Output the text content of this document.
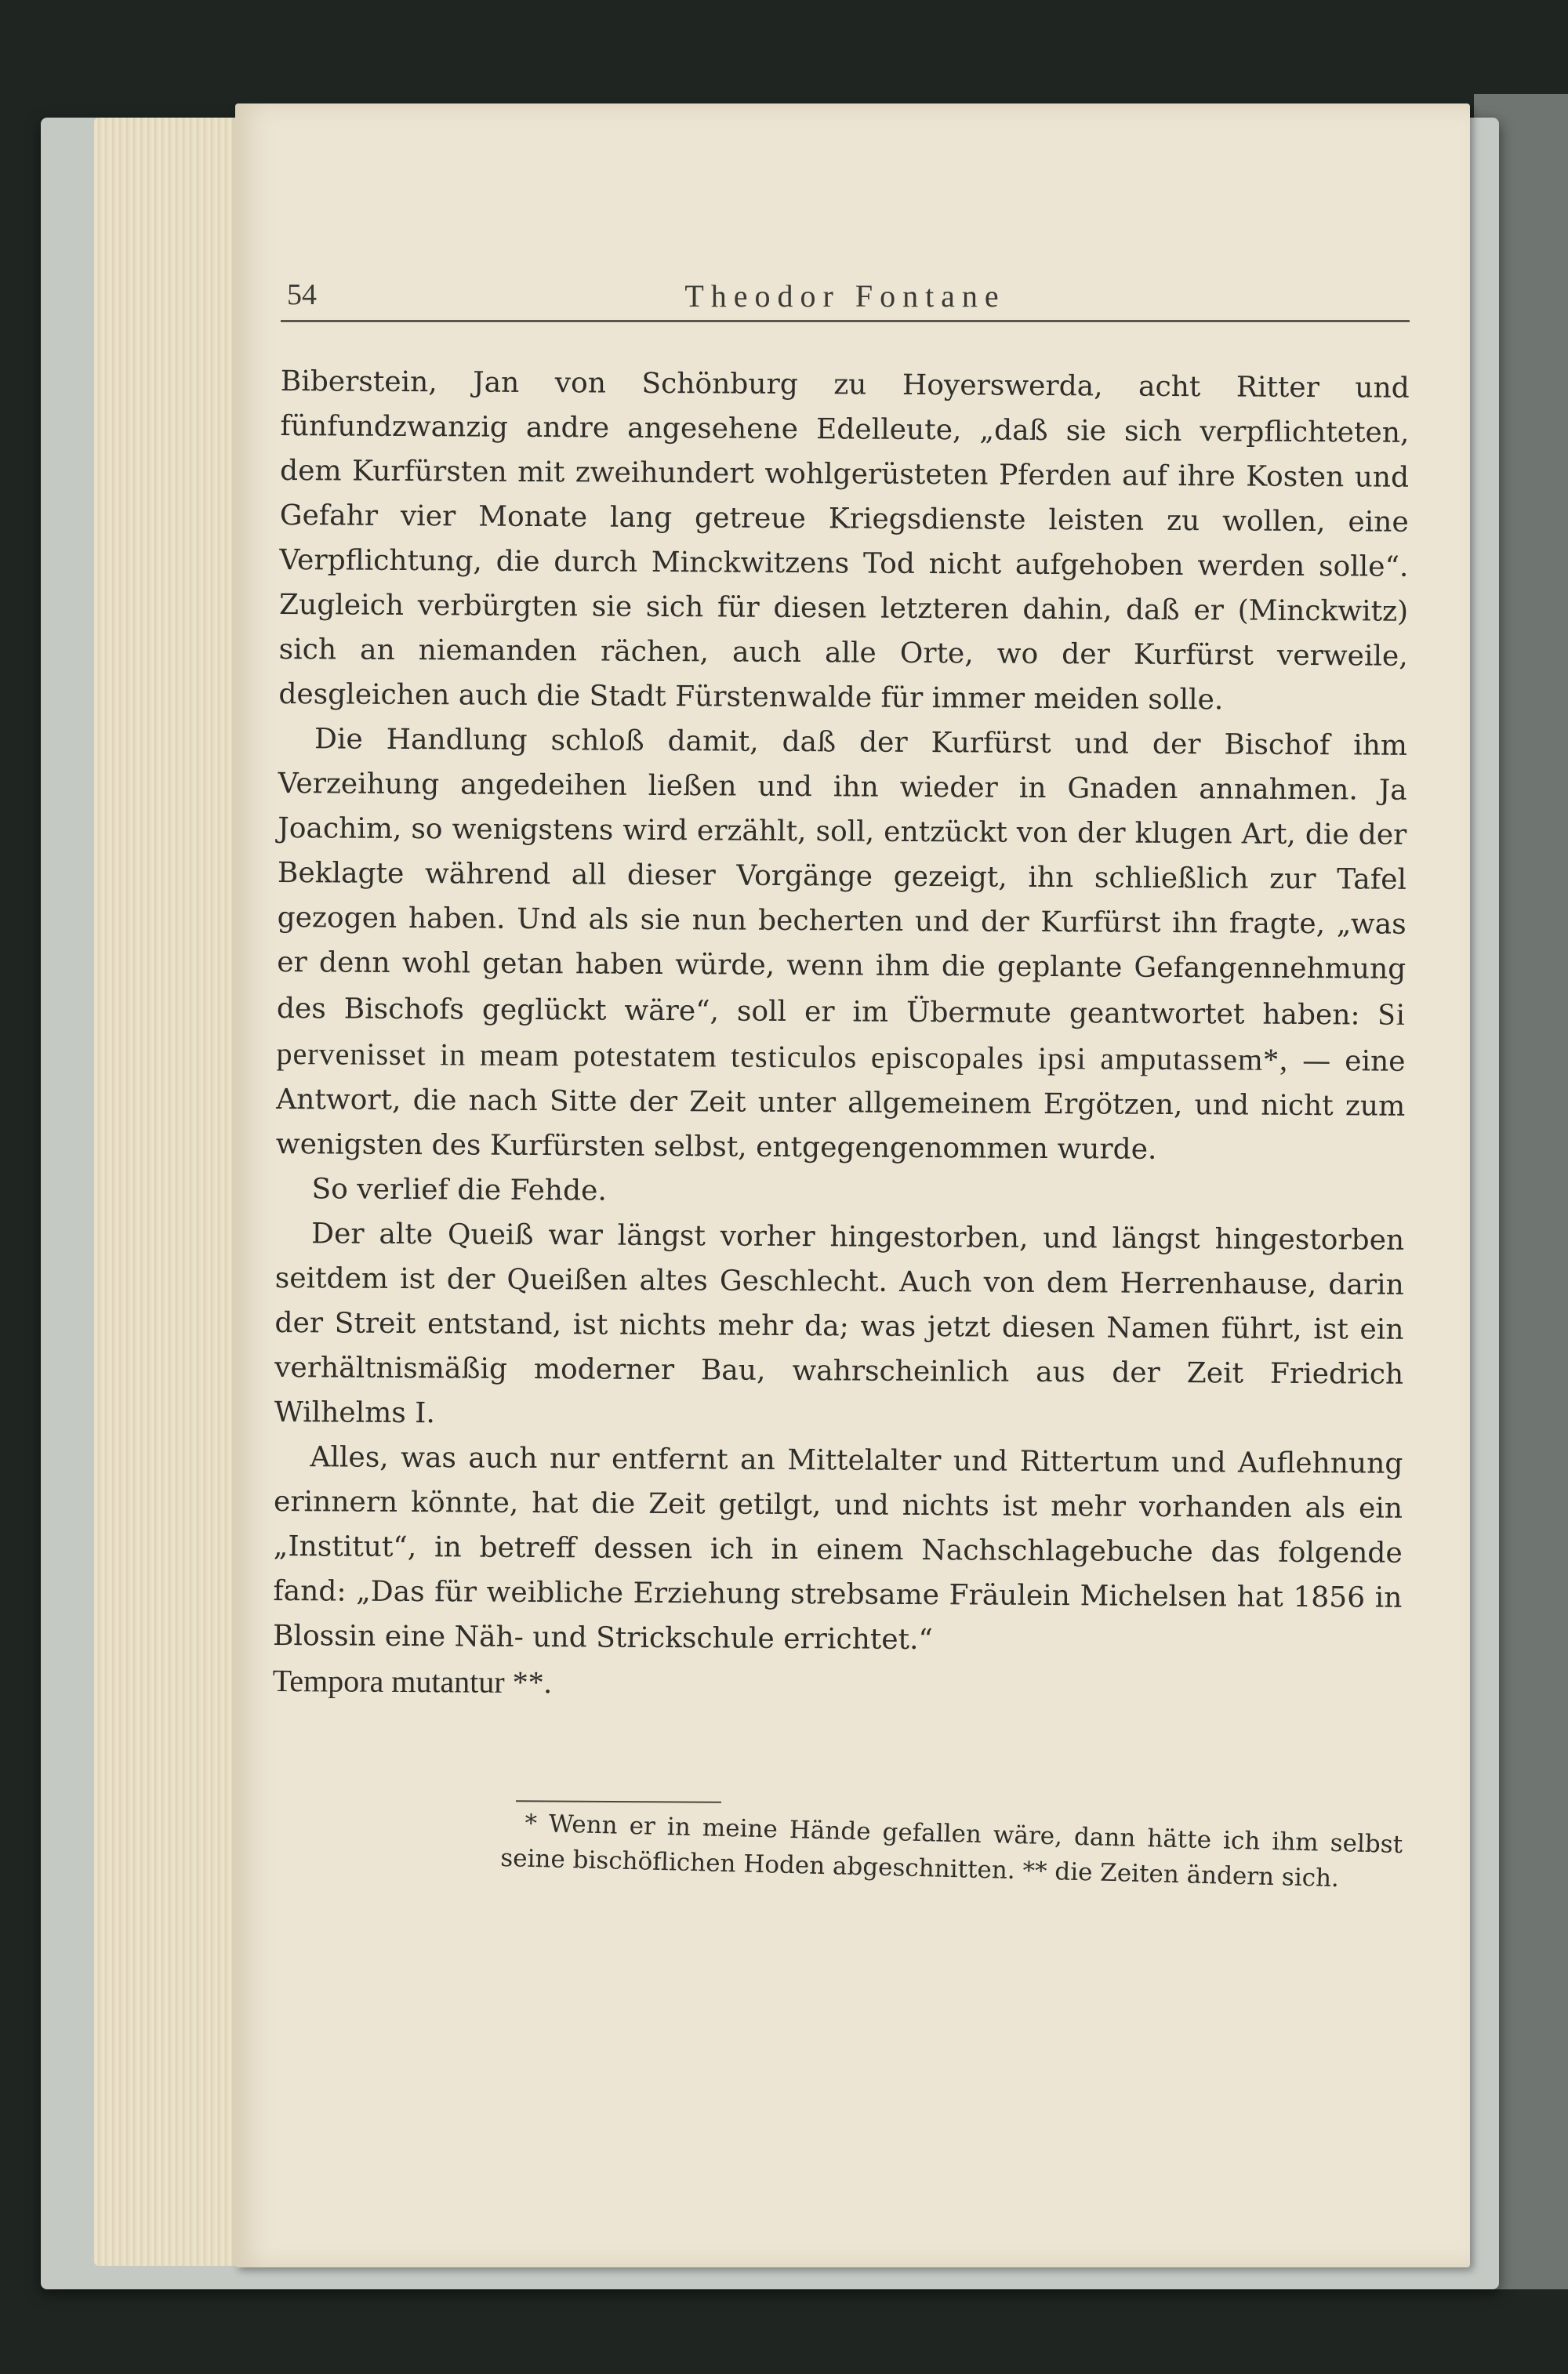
54	Theodor Fontane

Biberstein, Jan von Schönburg zu Hoyerswerda, acht Ritter und fünfundzwanzig andre angesehene Edelleute, „daß sie sich verpflichteten, dem Kurfürsten mit zweihundert wohlgerüsteten Pferden auf ihre Kosten und Gefahr vier Monate lang getreue Kriegsdienste leisten zu wollen, eine Verpflichtung, die durch Minckwitzens Tod nicht aufgehoben werden solle“. Zugleich verbürgten sie sich für diesen letzteren dahin, daß er (Minckwitz) sich an niemanden rächen, auch alle Orte, wo der Kurfürst verweile, desgleichen auch die Stadt Fürstenwalde für immer meiden solle.

Die Handlung schloß damit, daß der Kurfürst und der Bischof ihm Verzeihung angedeihen ließen und ihn wieder in Gnaden annahmen. Ja Joachim, so wenigstens wird erzählt, soll, entzückt von der klugen Art, die der Beklagte während all dieser Vorgänge gezeigt, ihn schließlich zur Tafel gezogen haben. Und als sie nun becherten und der Kurfürst ihn fragte, „was er denn wohl getan haben würde, wenn ihm die geplante Gefangennehmung des Bischofs geglückt wäre“, soll er im Übermute geantwortet haben: Si pervenisset in meam potestatem testiculos episcopales ipsi amputassem*, — eine Antwort, die nach Sitte der Zeit unter allgemeinem Ergötzen, und nicht zum wenigsten des Kurfürsten selbst, entgegengenommen wurde.

So verlief die Fehde.

Der alte Queiß war längst vorher hingestorben, und längst hingestorben seitdem ist der Queißen altes Geschlecht. Auch von dem Herrenhause, darin der Streit entstand, ist nichts mehr da; was jetzt diesen Namen führt, ist ein verhältnismäßig moderner Bau, wahrscheinlich aus der Zeit Friedrich Wilhelms I.

Alles, was auch nur entfernt an Mittelalter und Rittertum und Auflehnung erinnern könnte, hat die Zeit getilgt, und nichts ist mehr vorhanden als ein „Institut“, in betreff dessen ich in einem Nachschlagebuche das folgende fand: „Das für weibliche Erziehung strebsame Fräulein Michelsen hat 1856 in Blossin eine Näh- und Strickschule errichtet.“

Tempora mutantur **.

* Wenn er in meine Hände gefallen wäre, dann hätte ich ihm selbst seine bischöflichen Hoden abgeschnitten. ** die Zeiten ändern sich.
